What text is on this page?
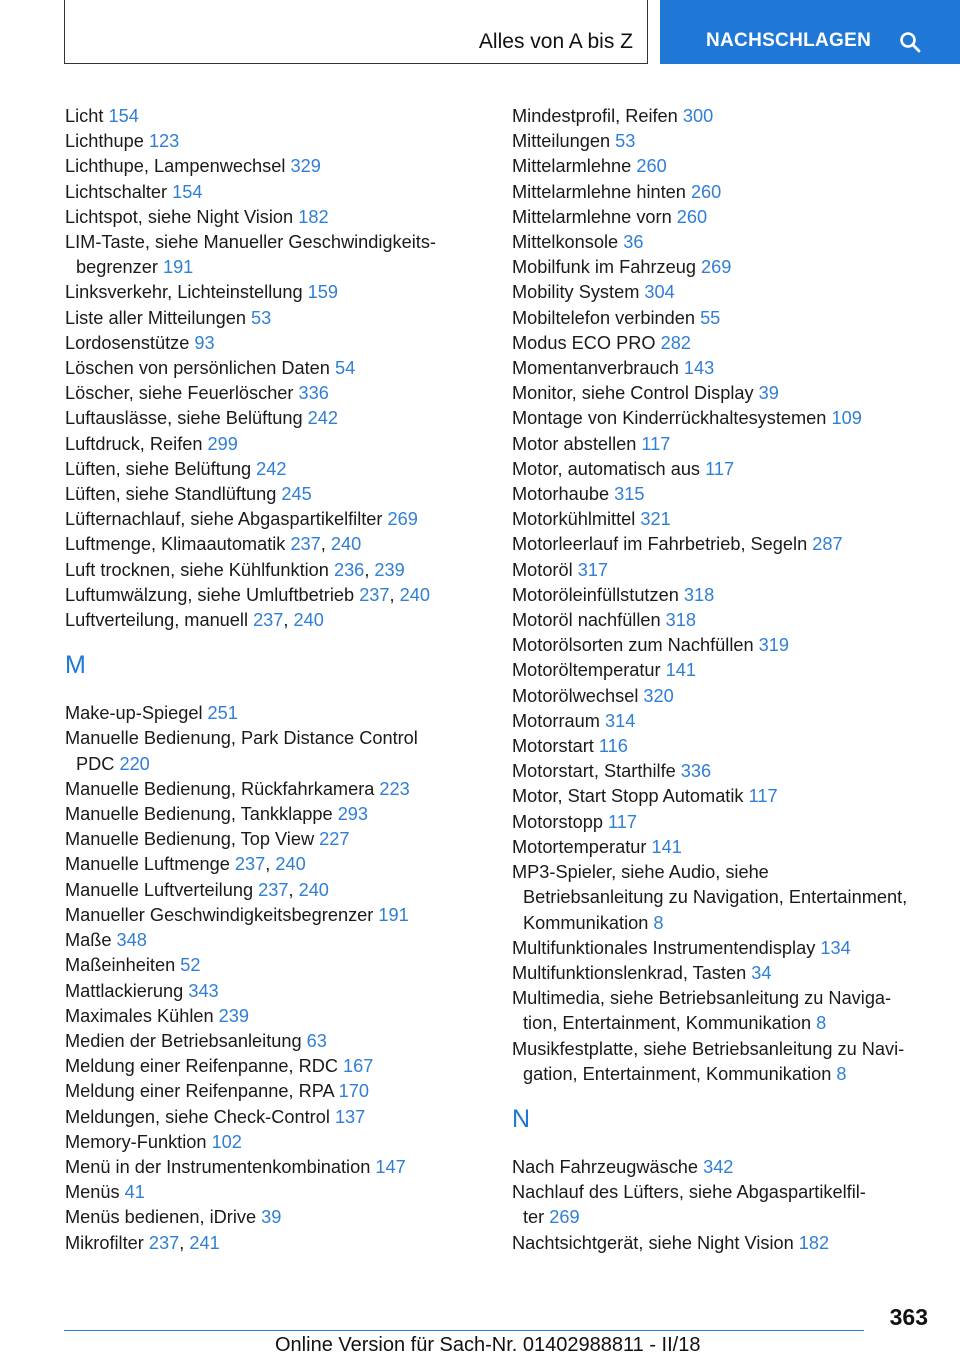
Alles von A bis Z	NACHSCHLAGEN
Licht 154
Lichthupe 123
Lichthupe, Lampenwechsel 329
Lichtschalter 154
Lichtspot, siehe Night Vision 182
LIM-Taste, siehe Manueller Geschwindigkeits-
begrenzer 191
Linksverkehr, Lichteinstellung 159
Liste aller Mitteilungen 53
Lordosenstütze 93
Löschen von persönlichen Daten 54
Löscher, siehe Feuerlöscher 336
Luftauslässe, siehe Belüftung 242
Luftdruck, Reifen 299
Lüften, siehe Belüftung 242
Lüften, siehe Standlüftung 245
Lüfternachlauf, siehe Abgaspartikelfilter 269
Luftmenge, Klimaautomatik 237, 240
Luft trocknen, siehe Kühlfunktion 236, 239
Luftumwälzung, siehe Umluftbetrieb 237, 240
Luftverteilung, manuell 237, 240
M
Make-up-Spiegel 251
Manuelle Bedienung, Park Distance Control
PDC 220
Manuelle Bedienung, Rückfahrkamera 223
Manuelle Bedienung, Tankklappe 293
Manuelle Bedienung, Top View 227
Manuelle Luftmenge 237, 240
Manuelle Luftverteilung 237, 240
Manueller Geschwindigkeitsbegrenzer 191
Maße 348
Maßeinheiten 52
Mattlackierung 343
Maximales Kühlen 239
Medien der Betriebsanleitung 63
Meldung einer Reifenpanne, RDC 167
Meldung einer Reifenpanne, RPA 170
Meldungen, siehe Check-Control 137
Memory-Funktion 102
Menü in der Instrumentenkombination 147
Menüs 41
Menüs bedienen, iDrive 39
Mikrofilter 237, 241
Mindestprofil, Reifen 300
Mitteilungen 53
Mittelarmlehne 260
Mittelarmlehne hinten 260
Mittelarmlehne vorn 260
Mittelkonsole 36
Mobilfunk im Fahrzeug 269
Mobility System 304
Mobiltelefon verbinden 55
Modus ECO PRO 282
Momentanverbrauch 143
Monitor, siehe Control Display 39
Montage von Kinderrückhaltesystemen 109
Motor abstellen 117
Motor, automatisch aus 117
Motorhaube 315
Motorkühlmittel 321
Motorleerlauf im Fahrbetrieb, Segeln 287
Motoröl 317
Motoröleinfüllstutzen 318
Motoröl nachfüllen 318
Motorölsorten zum Nachfüllen 319
Motoröltemperatur 141
Motorölwechsel 320
Motorraum 314
Motorstart 116
Motorstart, Starthilfe 336
Motor, Start Stopp Automatik 117
Motorstopp 117
Motortemperatur 141
MP3-Spieler, siehe Audio, siehe
Betriebsanleitung zu Navigation, Entertainment,
Kommunikation 8
Multifunktionales Instrumentendisplay 134
Multifunktionslenkrad, Tasten 34
Multimedia, siehe Betriebsanleitung zu Naviga-
tion, Entertainment, Kommunikation 8
Musikfestplatte, siehe Betriebsanleitung zu Navi-
gation, Entertainment, Kommunikation 8
N
Nach Fahrzeugwäsche 342
Nachlauf des Lüfters, siehe Abgaspartikelfil-
ter 269
Nachtsichtgerät, siehe Night Vision 182
363
Online Version für Sach-Nr. 01402988811 - II/18
